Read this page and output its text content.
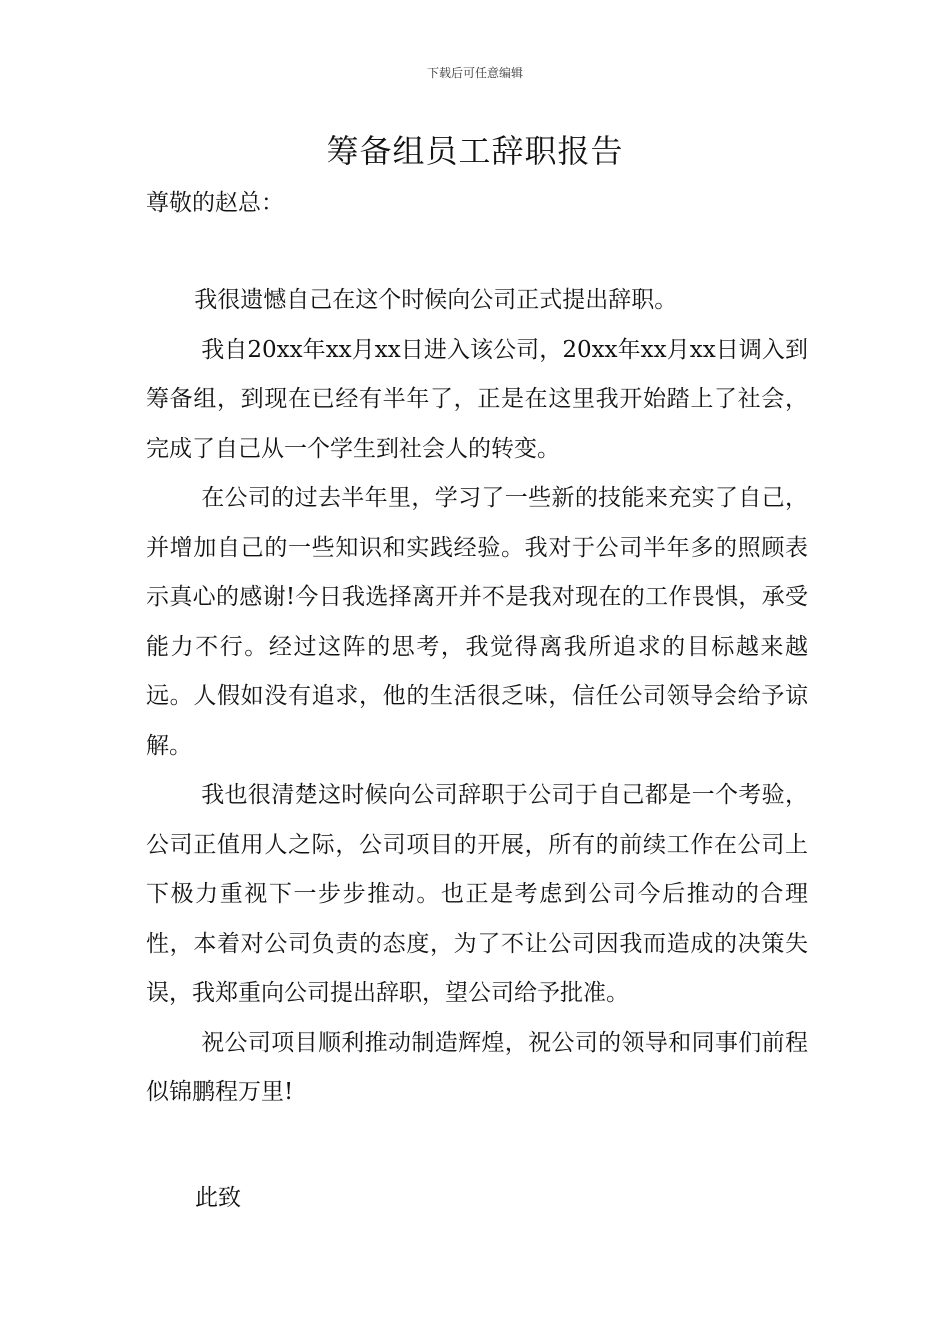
下载后可任意编辑
筹备组员工辞职报告
尊敬的赵总：

我很遗憾自己在这个时候向公司正式提出辞职。

我自20xx年xx月xx日进入该公司，20xx年xx月xx日调入到筹备组，到现在已经有半年了，正是在这里我开始踏上了社会，完成了自己从一个学生到社会人的转变。

在公司的过去半年里，学习了一些新的技能来充实了自己，并增加自己的一些知识和实践经验。我对于公司半年多的照顾表示真心的感谢!今日我选择离开并不是我对现在的工作畏惧，承受能力不行。经过这阵的思考，我觉得离我所追求的目标越来越远。人假如没有追求，他的生活很乏味，信任公司领导会给予谅解。

我也很清楚这时候向公司辞职于公司于自己都是一个考验，公司正值用人之际，公司项目的开展，所有的前续工作在公司上下极力重视下一步步推动。也正是考虑到公司今后推动的合理性，本着对公司负责的态度，为了不让公司因我而造成的决策失误，我郑重向公司提出辞职，望公司给予批准。

祝公司项目顺利推动制造辉煌，祝公司的领导和同事们前程似锦鹏程万里!

此致
